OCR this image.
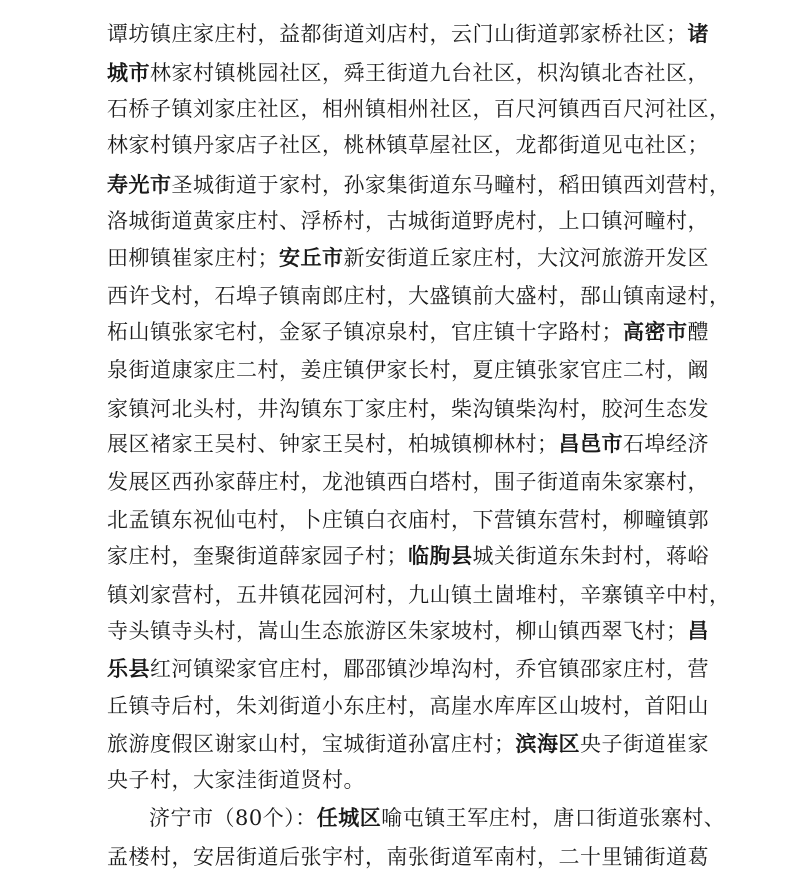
谭坊镇庄家庄村，益都街道刘店村，云门山街道郭家桥社区；诸
城市林家村镇桃园社区，舜王街道九台社区，枳沟镇北杏社区，
石桥子镇刘家庄社区，相州镇相州社区，百尺河镇西百尺河社区，
林家村镇丹家店子社区，桃林镇草屋社区，龙都街道见屯社区；
寿光市圣城街道于家村，孙家集街道东马疃村，稻田镇西刘营村，
洛城街道黄家庄村、浮桥村，古城街道野虎村，上口镇河疃村，
田柳镇崔家庄村；安丘市新安街道丘家庄村，大汶河旅游开发区
西许戈村，石埠子镇南郎庄村，大盛镇前大盛村，郚山镇南逯村，
柘山镇张家宅村，金冢子镇凉泉村，官庄镇十字路村；高密市醴
泉街道康家庄二村，姜庄镇伊家长村，夏庄镇张家官庄二村，阚
家镇河北头村，井沟镇东丁家庄村，柴沟镇柴沟村，胶河生态发
展区褚家王吴村、钟家王吴村，柏城镇柳林村；昌邑市石埠经济
发展区西孙家薛庄村，龙池镇西白塔村，围子街道南朱家寨村，
北孟镇东祝仙屯村，卜庄镇白衣庙村，下营镇东营村，柳疃镇郭
家庄村，奎聚街道薛家园子村；临朐县城关街道东朱封村，蒋峪
镇刘家营村，五井镇花园河村，九山镇土崮堆村，辛寨镇辛中村，
寺头镇寺头村，嵩山生态旅游区朱家坡村，柳山镇西翠飞村；昌
乐县红河镇梁家官庄村，郿邵镇沙埠沟村，乔官镇邵家庄村，营
丘镇寺后村，朱刘街道小东庄村，高崖水库库区山坡村，首阳山
旅游度假区谢家山村，宝城街道孙富庄村；滨海区央子街道崔家
央子村，大家洼街道贤村。
济宁市（80个）：任城区喻屯镇王军庄村，唐口街道张寨村、
孟楼村，安居街道后张宇村，南张街道军南村，二十里铺街道葛
